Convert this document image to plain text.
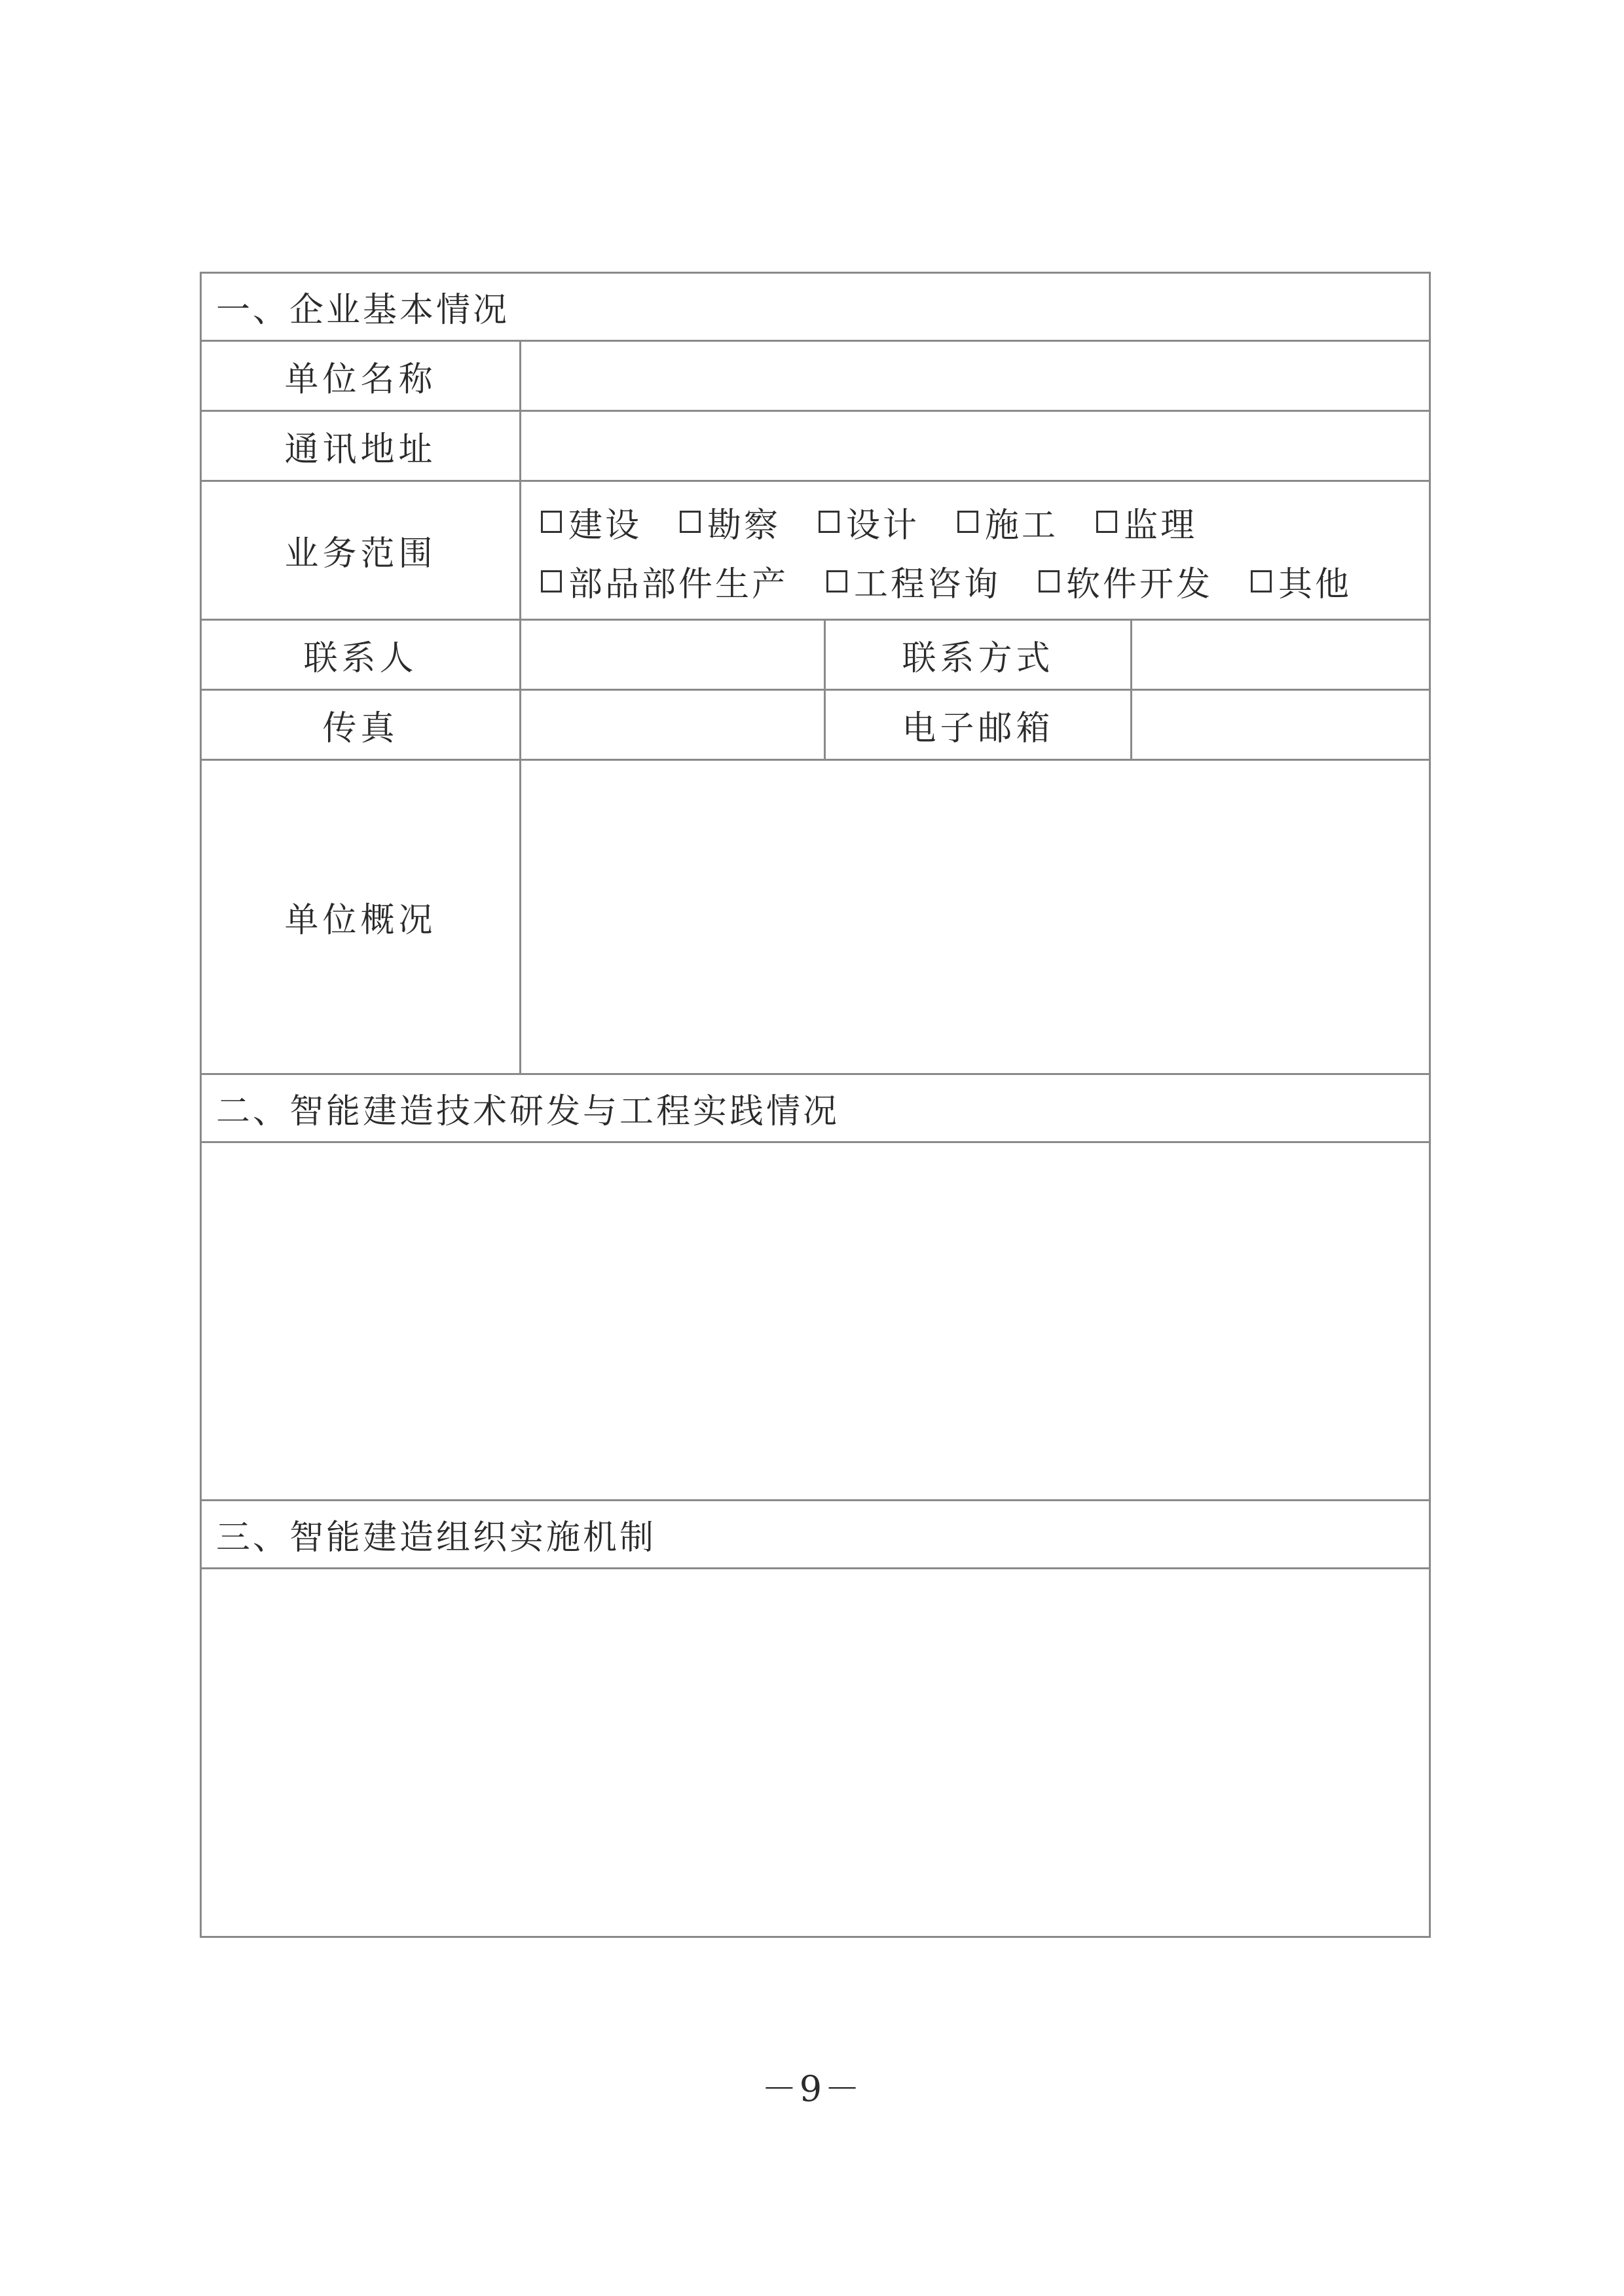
一、企业基本情况
单位名称
通讯地址
业务范围
建设 勘察 设计 施工 监理
部品部件生产 工程咨询 软件开发 其他
联系人	联系方式
传真	电子邮箱
单位概况
二、智能建造技术研发与工程实践情况
三、智能建造组织实施机制
－9－
